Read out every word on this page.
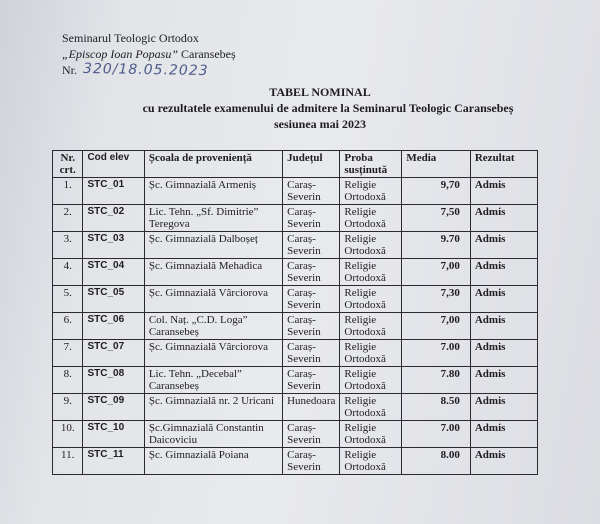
Seminarul Teologic Ortodox
„Episcop Ioan Popasu” Caransebeș
Nr. 320/18.05.2023
TABEL NOMINAL
cu rezultatele examenului de admitere la Seminarul Teologic Caransebeș
sesiunea mai 2023
Nr. crt.	Cod elev	Școala de proveniență	Județul	Proba susținută	Media	Rezultat
1.	STC_01	Șc. Gimnazială Armeniș	Caraș-Severin	Religie Ortodoxă	9,70	Admis
2.	STC_02	Lic. Tehn. „Sf. Dimitrie” Teregova	Caraș-Severin	Religie Ortodoxă	7,50	Admis
3.	STC_03	Șc. Gimnazială Dalboșeț	Caraș-Severin	Religie Ortodoxă	9.70	Admis
4.	STC_04	Șc. Gimnazială Mehadica	Caraș-Severin	Religie Ortodoxă	7,00	Admis
5.	STC_05	Șc. Gimnazială Vârciorova	Caraș-Severin	Religie Ortodoxă	7,30	Admis
6.	STC_06	Col. Naț. „C.D. Loga” Caransebeș	Caraș-Severin	Religie Ortodoxă	7,00	Admis
7.	STC_07	Șc. Gimnazială Vârciorova	Caraș-Severin	Religie Ortodoxă	7.00	Admis
8.	STC_08	Lic. Tehn. „Decebal” Caransebeș	Caraș-Severin	Religie Ortodoxă	7.80	Admis
9.	STC_09	Șc. Gimnazială nr. 2 Uricani	Hunedoara	Religie Ortodoxă	8.50	Admis
10.	STC_10	Șc.Gimnazială Constantin Daicoviciu	Caraș-Severin	Religie Ortodoxă	7.00	Admis
11.	STC_11	Șc. Gimnazială Poiana	Caraș-Severin	Religie Ortodoxă	8.00	Admis
